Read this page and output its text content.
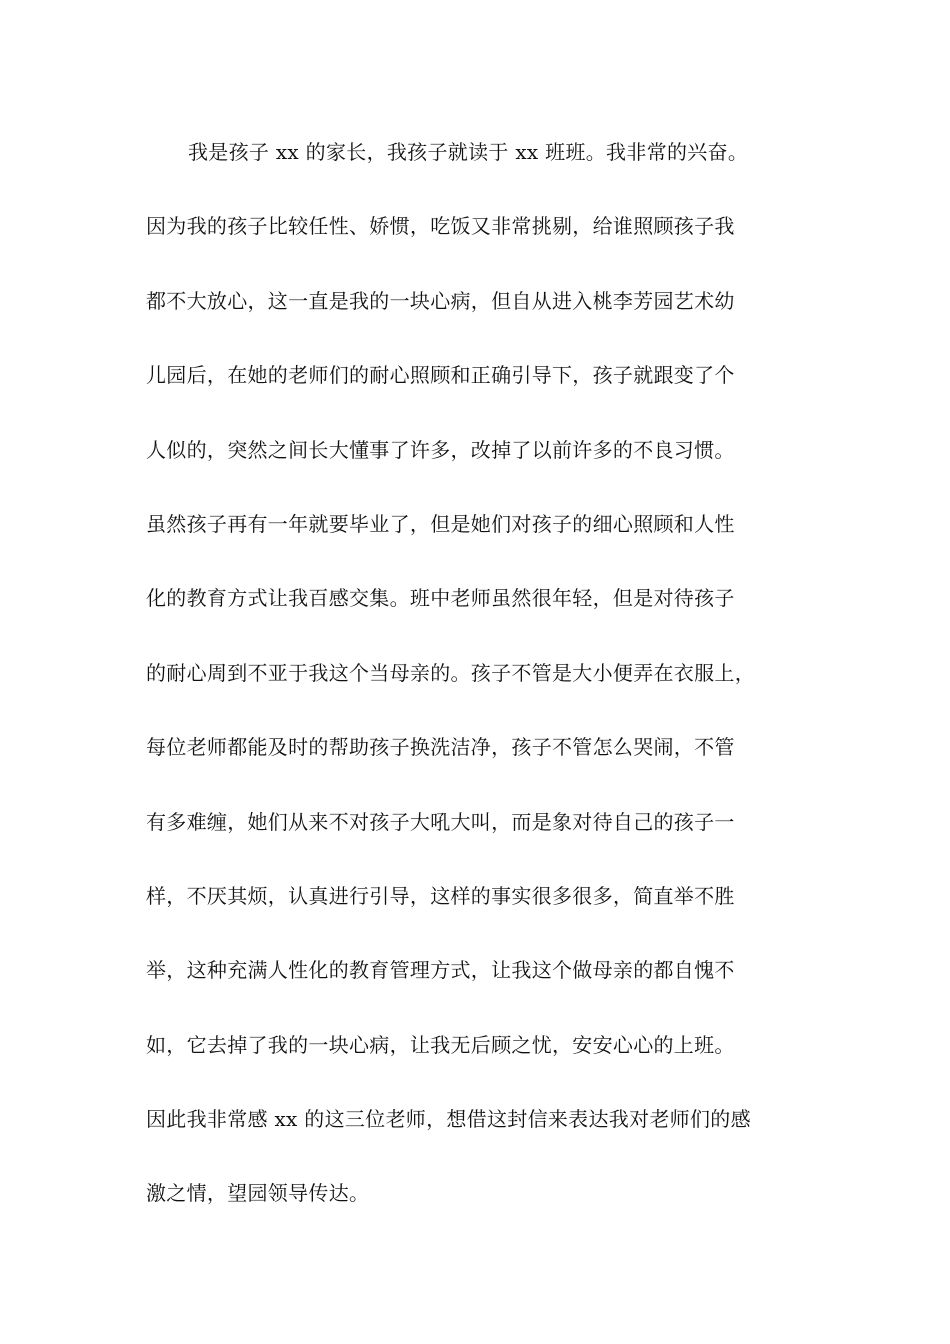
我是孩子 xx 的家长，我孩子就读于 xx 班班。我非常的兴奋。
因为我的孩子比较任性、娇惯，吃饭又非常挑剔，给谁照顾孩子我
都不大放心，这一直是我的一块心病，但自从进入桃李芳园艺术幼
儿园后，在她的老师们的耐心照顾和正确引导下，孩子就跟变了个
人似的，突然之间长大懂事了许多，改掉了以前许多的不良习惯。
虽然孩子再有一年就要毕业了，但是她们对孩子的细心照顾和人性
化的教育方式让我百感交集。班中老师虽然很年轻，但是对待孩子
的耐心周到不亚于我这个当母亲的。孩子不管是大小便弄在衣服上，
每位老师都能及时的帮助孩子换洗洁净，孩子不管怎么哭闹，不管
有多难缠，她们从来不对孩子大吼大叫，而是象对待自己的孩子一
样，不厌其烦，认真进行引导，这样的事实很多很多，简直举不胜
举，这种充满人性化的教育管理方式，让我这个做母亲的都自愧不
如，它去掉了我的一块心病，让我无后顾之忧，安安心心的上班。
因此我非常感 xx 的这三位老师，想借这封信来表达我对老师们的感
激之情，望园领导传达。
